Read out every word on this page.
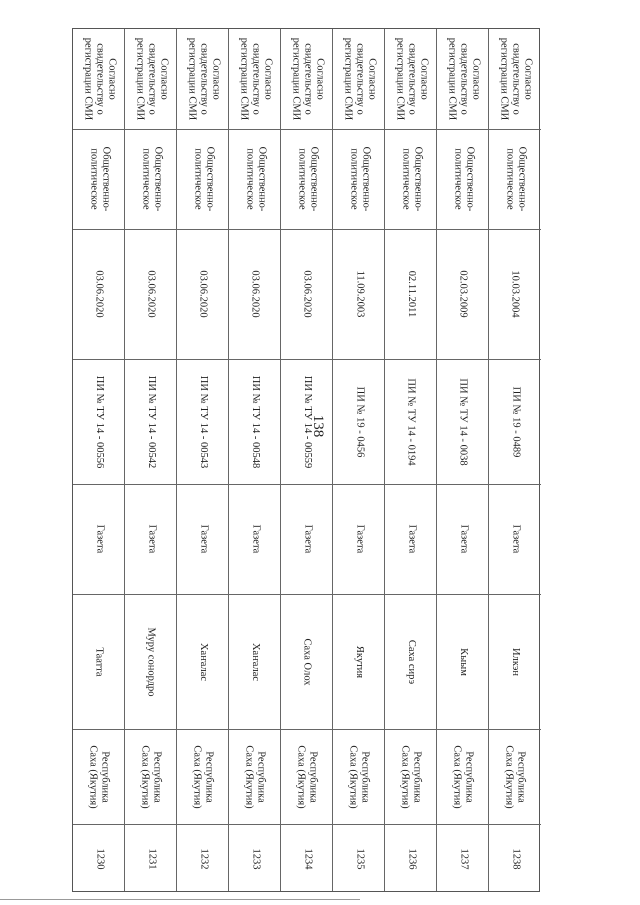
138
Согласно
свидетельству о
регистрации СМИ
Общественно-
политическое
03.06.2020
ПИ № ТУ 14 - 00556
Газета
Таатта
Республика
Саха (Якутия)
1230
Согласно
свидетельству о
регистрации СМИ
Общественно-
политическое
03.06.2020
ПИ № ТУ 14 - 00542
Газета
Муру сонордро
Республика
Саха (Якутия)
1231
Согласно
свидетельству о
регистрации СМИ
Общественно-
политическое
03.06.2020
ПИ № ТУ 14 - 00543
Газета
Хаҥалас
Республика
Саха (Якутия)
1232
Согласно
свидетельству о
регистрации СМИ
Общественно-
политическое
03.06.2020
ПИ № ТУ 14 - 00548
Газета
Хаҥалас
Республика
Саха (Якутия)
1233
Согласно
свидетельству о
регистрации СМИ
Общественно-
политическое
03.06.2020
ПИ № ТУ 14 - 00559
Газета
Саха Олох
Республика
Саха (Якутия)
1234
Согласно
свидетельству о
регистрации СМИ
Общественно-
политическое
11.09.2003
ПИ № 19 - 0456
Газета
Якутия
Республика
Саха (Якутия)
1235
Согласно
свидетельству о
регистрации СМИ
Общественно-
политическое
02.11.2011
ПИ № ТУ 14 - 0194
Газета
Саха сирэ
Республика
Саха (Якутия)
1236
Согласно
свидетельству о
регистрации СМИ
Общественно-
политическое
02.03.2009
ПИ № ТУ 14 - 0038
Газета
Кыым
Республика
Саха (Якутия)
1237
Согласно
свидетельству о
регистрации СМИ
Общественно-
политическое
10.03.2004
ПИ № 19 - 0489
Газета
Илкэн
Республика
Саха (Якутия)
1238
